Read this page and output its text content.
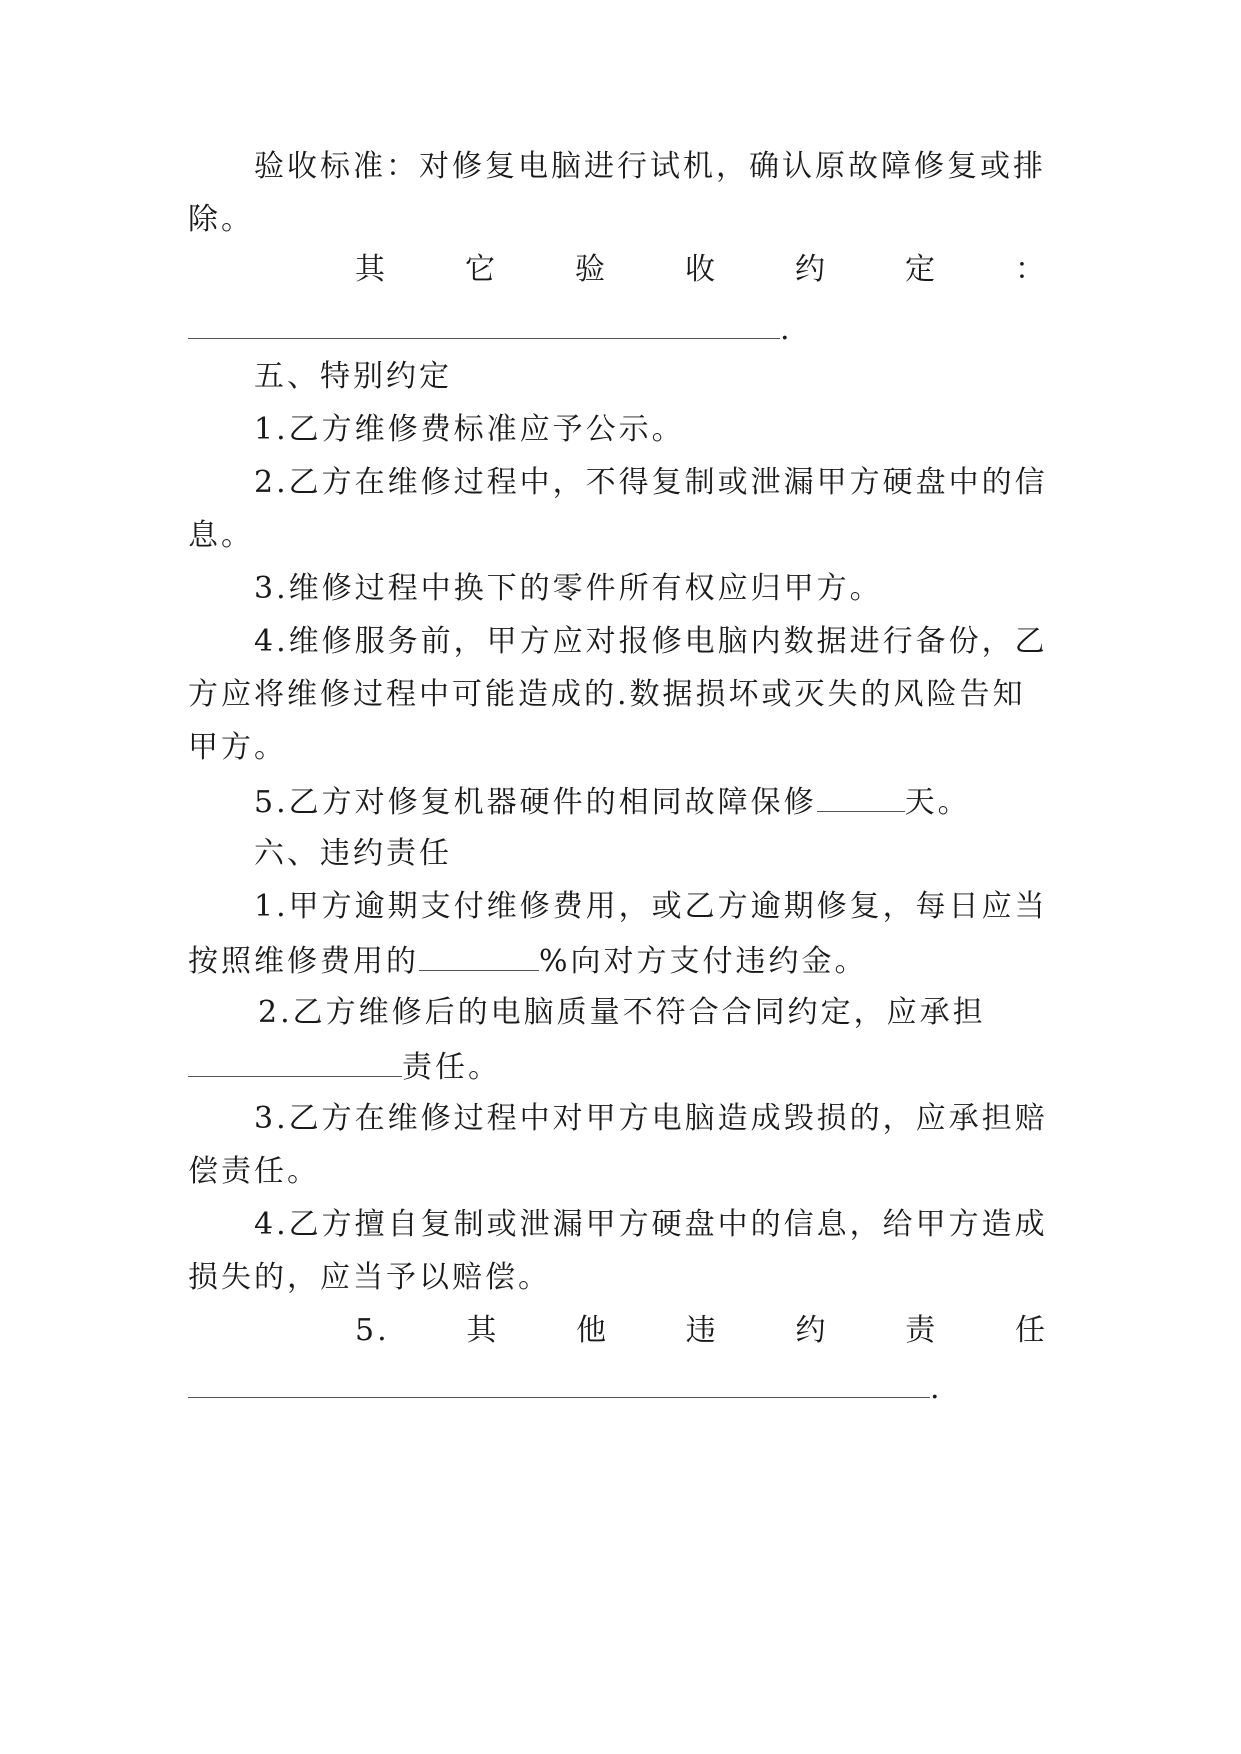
验收标准：对修复电脑进行试机，确认原故障修复或排
除。
其	它	验	收	约	定	：
.
五、特别约定
1.乙方维修费标准应予公示。
2.乙方在维修过程中，不得复制或泄漏甲方硬盘中的信
息。
3.维修过程中换下的零件所有权应归甲方。
4.维修服务前，甲方应对报修电脑内数据进行备份，乙
方应将维修过程中可能造成的.数据损坏或灭失的风险告知
甲方。
5.乙方对修复机器硬件的相同故障保修	天。
六、违约责任
1.甲方逾期支付维修费用，或乙方逾期修复，每日应当
按照维修费用的	%向对方支付违约金。
2.乙方维修后的电脑质量不符合合同约定，应承担
责任。
3.乙方在维修过程中对甲方电脑造成毁损的，应承担赔
偿责任。
4.乙方擅自复制或泄漏甲方硬盘中的信息，给甲方造成
损失的，应当予以赔偿。
5.	其	他	违	约	责	任
.
